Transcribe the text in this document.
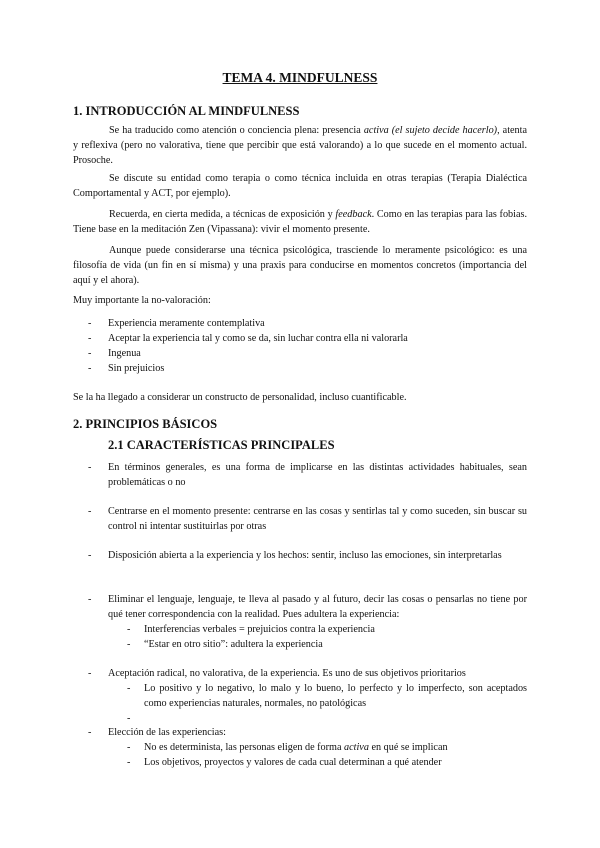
TEMA 4. MINDFULNESS
1. INTRODUCCIÓN AL MINDFULNESS
Se ha traducido como atención o conciencia plena: presencia activa (el sujeto decide hacerlo), atenta y reflexiva (pero no valorativa, tiene que percibir que está valorando) a lo que sucede en el momento actual. Prosoche.
Se discute su entidad como terapia o como técnica incluida en otras terapias (Terapia Dialéctica Comportamental y ACT, por ejemplo).
Recuerda, en cierta medida, a técnicas de exposición y feedback. Como en las terapias para las fobias. Tiene base en la meditación Zen (Vipassana): vivir el momento presente.
Aunque puede considerarse una técnica psicológica, trasciende lo meramente psicológico: es una filosofía de vida (un fin en sí misma) y una praxis para conducirse en momentos concretos (importancia del aquí y el ahora).
Muy importante la no-valoración:
- Experiencia meramente contemplativa
- Aceptar la experiencia tal y como se da, sin luchar contra ella ni valorarla
- Ingenua
- Sin prejuicios
Se la ha llegado a considerar un constructo de personalidad, incluso cuantificable.
2. PRINCIPIOS BÁSICOS
2.1 CARACTERÍSTICAS PRINCIPALES
- En términos generales, es una forma de implicarse en las distintas actividades habituales, sean problemáticas o no
- Centrarse en el momento presente: centrarse en las cosas y sentirlas tal y como suceden, sin buscar su control ni intentar sustituirlas por otras
- Disposición abierta a la experiencia y los hechos: sentir, incluso las emociones, sin interpretarlas
- Eliminar el lenguaje, lenguaje, te lleva al pasado y al futuro, decir las cosas o pensarlas no tiene por qué tener correspondencia con la realidad. Pues adultera la experiencia:
- Interferencias verbales = prejuicios contra la experiencia
- “Estar en otro sitio”: adultera la experiencia
- Aceptación radical, no valorativa, de la experiencia. Es uno de sus objetivos prioritarios
- Lo positivo y lo negativo, lo malo y lo bueno, lo perfecto y lo imperfecto, son aceptados como experiencias naturales, normales, no patológicas
-
- Elección de las experiencias:
- No es determinista, las personas eligen de forma activa en qué se implican
- Los objetivos, proyectos y valores de cada cual determinan a qué atender
